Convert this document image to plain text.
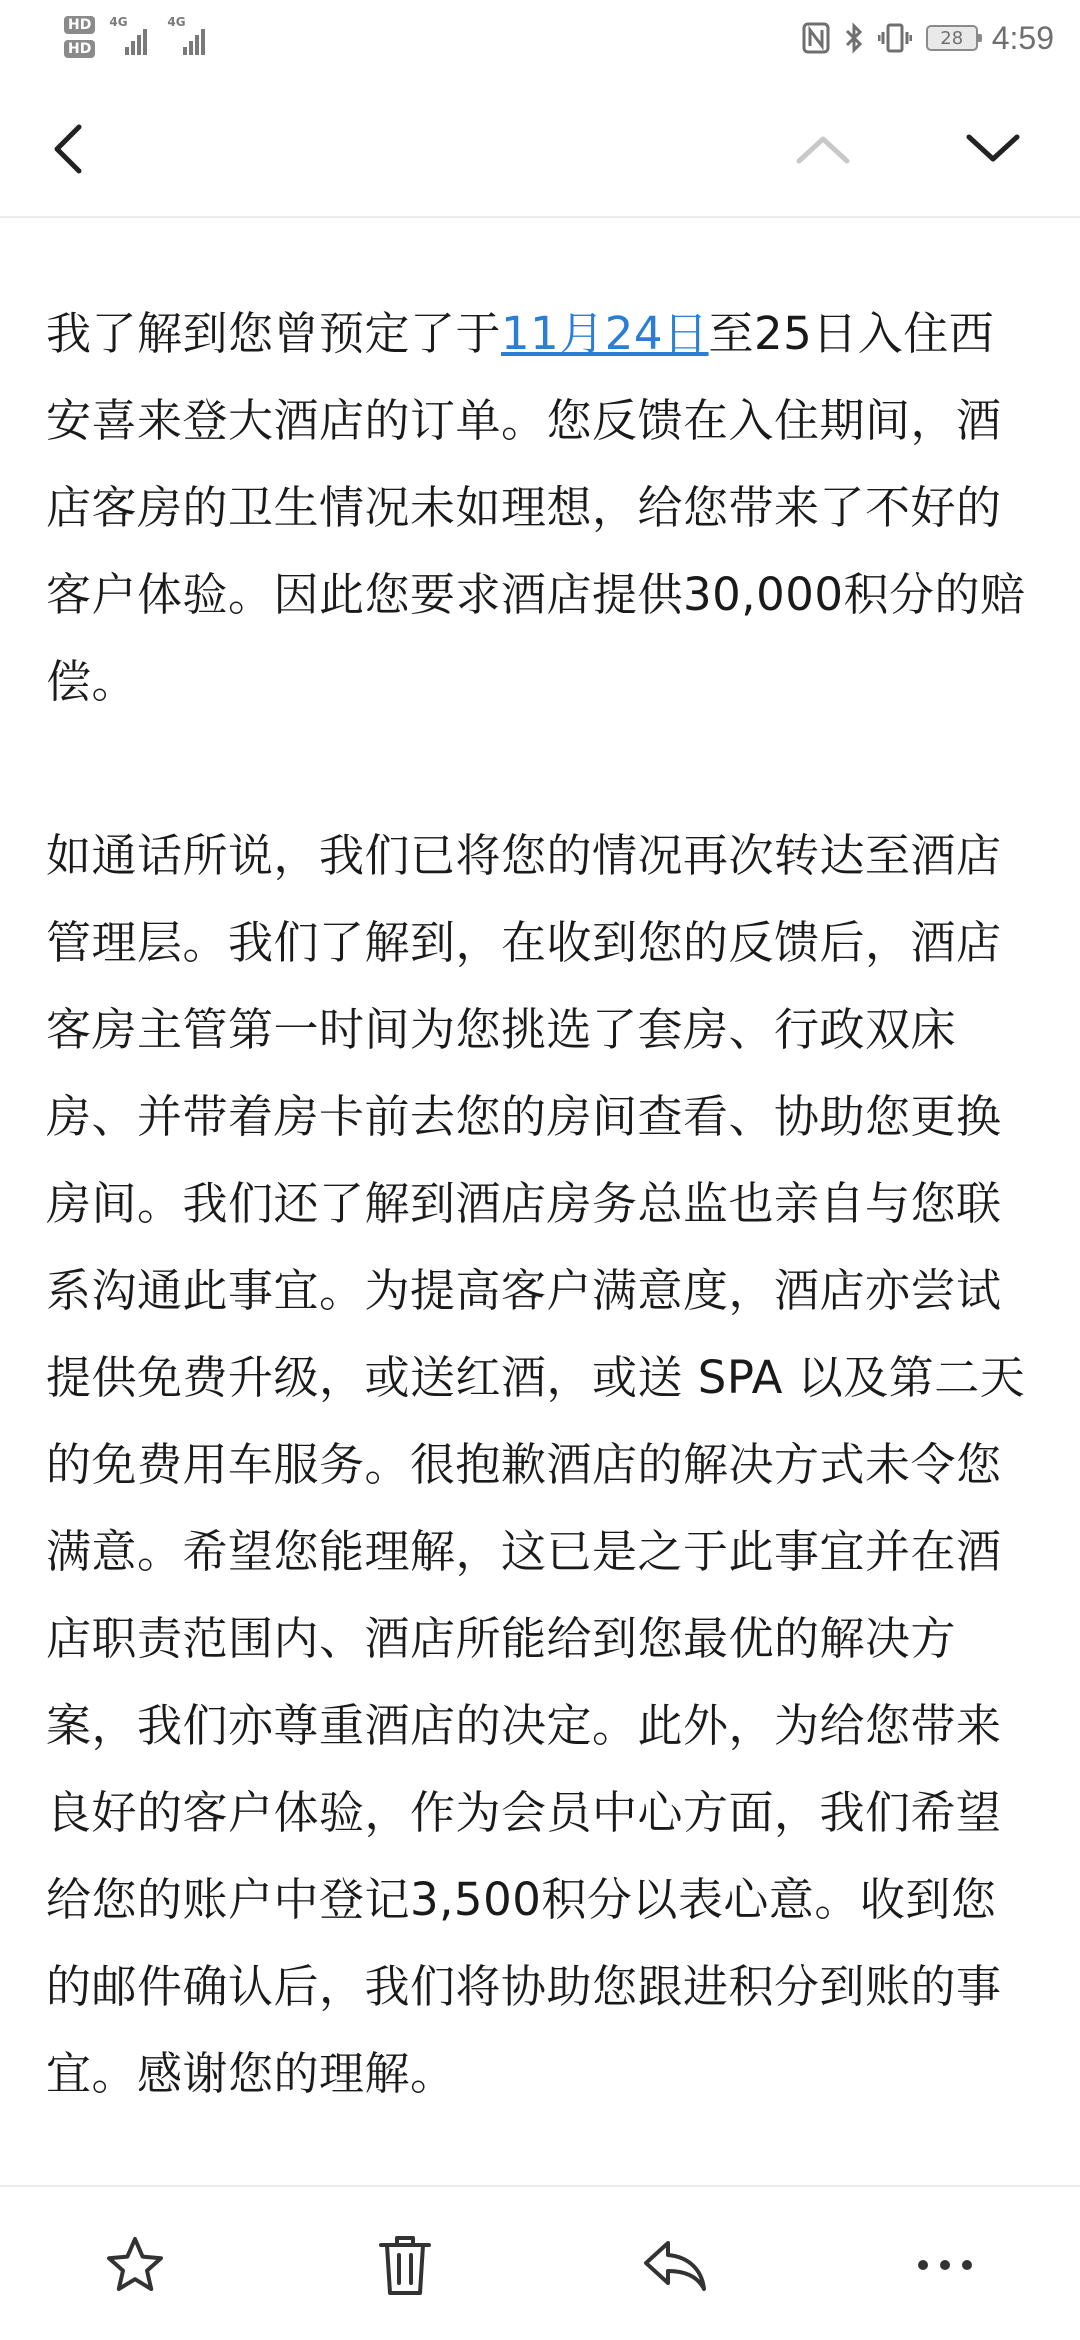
HD
HD
4G	4G
28 4:59

我了解到您曾预定了于11月24日至25日入住西安喜来登大酒店的订单。您反馈在入住期间，酒店客房的卫生情况未如理想，给您带来了不好的客户体验。因此您要求酒店提供30,000积分的赔偿。

如通话所说，我们已将您的情况再次转达至酒店管理层。我们了解到，在收到您的反馈后，酒店客房主管第一时间为您挑选了套房、行政双床房、并带着房卡前去您的房间查看、协助您更换房间。我们还了解到酒店房务总监也亲自与您联系沟通此事宜。为提高客户满意度，酒店亦尝试提供免费升级，或送红酒，或送 SPA 以及第二天的免费用车服务。很抱歉酒店的解决方式未令您满意。希望您能理解，这已是之于此事宜并在酒店职责范围内、酒店所能给到您最优的解决方案，我们亦尊重酒店的决定。此外，为给您带来良好的客户体验，作为会员中心方面，我们希望给您的账户中登记3,500积分以表心意。收到您的邮件确认后，我们将协助您跟进积分到账的事宜。感谢您的理解。
